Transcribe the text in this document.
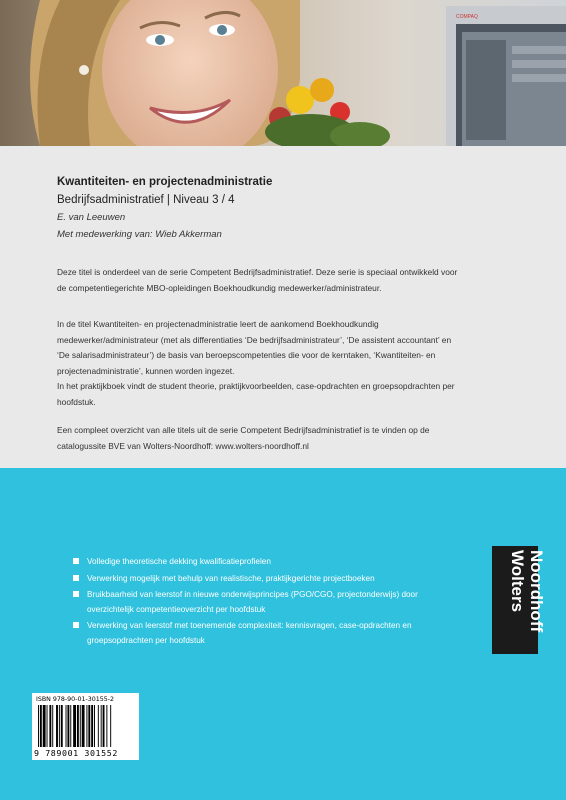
COMPAQ
Kwantiteiten- en projectenadministratie
Bedrijfsadministratief | Niveau 3 / 4
E. van Leeuwen
Met medewerking van: Wieb Akkerman
Deze titel is onderdeel van de serie Competent Bedrijfsadministratief. Deze serie is speciaal ontwikkeld voor
de competentiegerichte MBO-opleidingen Boekhoudkundig medewerker/administrateur.
In de titel Kwantiteiten- en projectenadministratie leert de aankomend Boekhoudkundig
medewerker/administrateur (met als differentiaties ‘De bedrijfsadministrateur’, ‘De assistent accountant’ en
‘De salarisadministrateur’) de basis van beroepscompetenties die voor de kerntaken, ‘Kwantiteiten- en
projectenadministratie’, kunnen worden ingezet.
In het praktijkboek vindt de student theorie, praktijkvoorbeelden, case-opdrachten en groepsopdrachten per
hoofdstuk.
Een compleet overzicht van alle titels uit de serie Competent Bedrijfsadministratief is te vinden op de
catalogussite BVE van Wolters-Noordhoff: www.wolters-noordhoff.nl
Volledige theoretische dekking kwalificatieprofielen
Verwerking mogelijk met behulp van realistische, praktijkgerichte projectboeken
Bruikbaarheid van leerstof in nieuwe onderwijsprincipes (PGO/CGO, projectonderwijs) door
overzichtelijk competentieoverzicht per hoofdstuk
Verwerking van leerstof met toenemende complexiteit: kennisvragen, case-opdrachten en
groepsopdrachten per hoofdstuk
Wolters Noordhoff
ISBN 978-90-01-30155-2
9 789001 301552
